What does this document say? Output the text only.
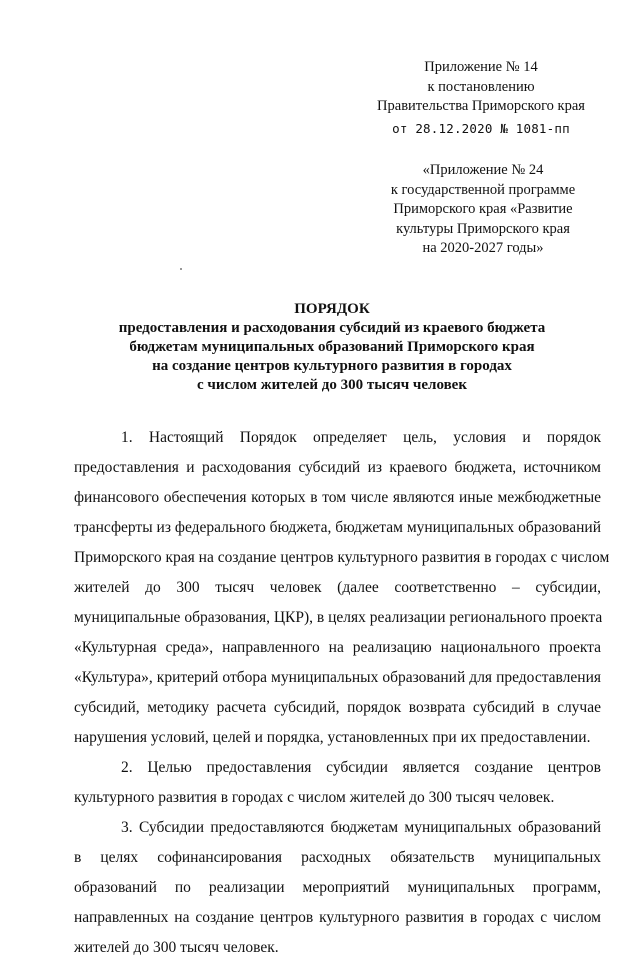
Приложение № 14
к постановлению
Правительства Приморского края
от 28.12.2020 № 1081-пп
«Приложение № 24
к государственной программе
Приморского края «Развитие
культуры Приморского края
на 2020-2027 годы»
ПОРЯДОК
предоставления и расходования субсидий из краевого бюджета
бюджетам муниципальных образований Приморского края
на создание центров культурного развития в городах
с числом жителей до 300 тысяч человек
1. Настоящий Порядок определяет цель, условия и порядок
предоставления и расходования субсидий из краевого бюджета, источником
финансового обеспечения которых в том числе являются иные межбюджетные
трансферты из федерального бюджета, бюджетам муниципальных образований
Приморского края на создание центров культурного развития в городах с числом
жителей до 300 тысяч человек (далее соответственно – субсидии,
муниципальные образования, ЦКР), в целях реализации регионального проекта
«Культурная среда», направленного на реализацию национального проекта
«Культура», критерий отбора муниципальных образований для предоставления
субсидий, методику расчета субсидий, порядок возврата субсидий в случае
нарушения условий, целей и порядка, установленных при их предоставлении.
2. Целью предоставления субсидии является создание центров
культурного развития в городах с числом жителей до 300 тысяч человек.
3. Субсидии предоставляются бюджетам муниципальных образований
в целях софинансирования расходных обязательств муниципальных
образований по реализации мероприятий муниципальных программ,
направленных на создание центров культурного развития в городах с числом
жителей до 300 тысяч человек.
